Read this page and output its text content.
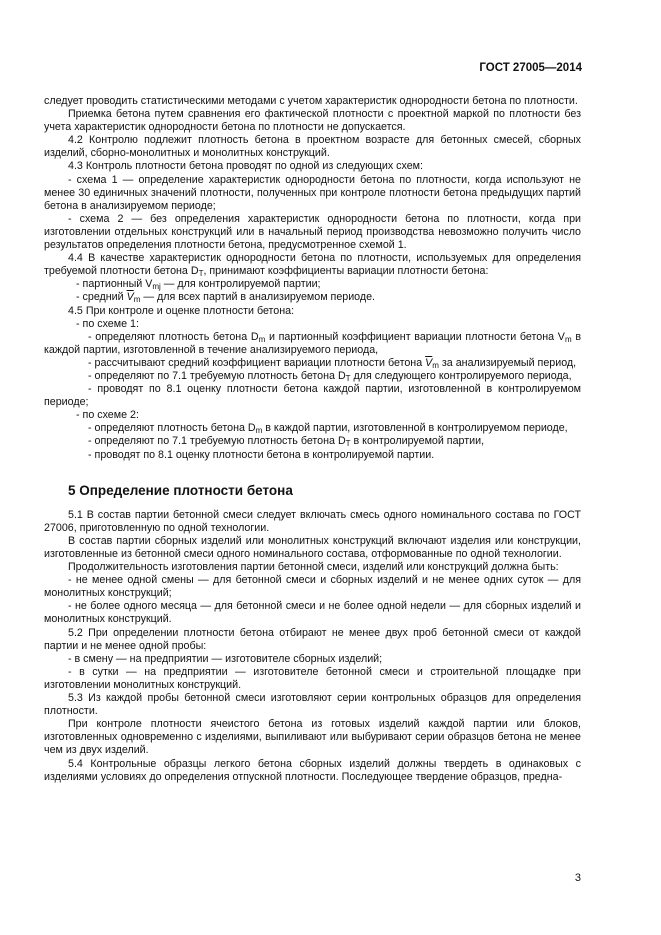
ГОСТ 27005—2014

следует проводить статистическими методами с учетом характеристик однородности бетона по плотности.

Приемка бетона путем сравнения его фактической плотности с проектной маркой по плотности без учета характеристик однородности бетона по плотности не допускается.

4.2 Контролю подлежит плотность бетона в проектном возрасте для бетонных смесей, сборных изделий, сборно-монолитных и монолитных конструкций.

4.3 Контроль плотности бетона проводят по одной из следующих схем:

- схема 1 — определение характеристик однородности бетона по плотности, когда используют не менее 30 единичных значений плотности, полученных при контроле плотности бетона предыдущих партий бетона в анализируемом периоде;

- схема 2 — без определения характеристик однородности бетона по плотности, когда при изготовлении отдельных конструкций или в начальный период производства невозможно получить число результатов определения плотности бетона, предусмотренное схемой 1.

4.4 В качестве характеристик однородности бетона по плотности, используемых для определения требуемой плотности бетона $D_Т$, принимают коэффициенты вариации плотности бетона:

- партионный $V_{mj}$ — для контролируемой партии;

- средний $\overline{V}_m$ — для всех партий в анализируемом периоде.

4.5 При контроле и оценке плотности бетона:

- по схеме 1:

- определяют плотность бетона $D_m$ и партионный коэффициент вариации плотности бетона $V_m$ в каждой партии, изготовленной в течение анализируемого периода,

- рассчитывают средний коэффициент вариации плотности бетона $\overline{V}_m$ за анализируемый период,

- определяют по 7.1 требуемую плотность бетона $D_Т$ для следующего контролируемого периода,

- проводят по 8.1 оценку плотности бетона каждой партии, изготовленной в контролируемом периоде;

- по схеме 2:

- определяют плотность бетона $D_m$ в каждой партии, изготовленной в контролируемом периоде,

- определяют по 7.1 требуемую плотность бетона $D_Т$ в контролируемой партии,

- проводят по 8.1 оценку плотности бетона в контролируемой партии.

5 Определение плотности бетона

5.1 В состав партии бетонной смеси следует включать смесь одного номинального состава по ГОСТ 27006, приготовленную по одной технологии.

В состав партии сборных изделий или монолитных конструкций включают изделия или конструкции, изготовленные из бетонной смеси одного номинального состава, отформованные по одной технологии.

Продолжительность изготовления партии бетонной смеси, изделий или конструкций должна быть:

- не менее одной смены — для бетонной смеси и сборных изделий и не менее одних суток — для монолитных конструкций;

- не более одного месяца — для бетонной смеси и не более одной недели — для сборных изделий и монолитных конструкций.

5.2 При определении плотности бетона отбирают не менее двух проб бетонной смеси от каждой партии и не менее одной пробы:

- в смену — на предприятии — изготовителе сборных изделий;

- в сутки — на предприятии — изготовителе бетонной смеси и строительной площадке при изготовлении монолитных конструкций.

5.3 Из каждой пробы бетонной смеси изготовляют серии контрольных образцов для определения плотности.

При контроле плотности ячеистого бетона из готовых изделий каждой партии или блоков, изготовленных одновременно с изделиями, выпиливают или выбуривают серии образцов бетона не менее чем из двух изделий.

5.4 Контрольные образцы легкого бетона сборных изделий должны твердеть в одинаковых с изделиями условиях до определения отпускной плотности. Последующее твердение образцов, предна-

3
